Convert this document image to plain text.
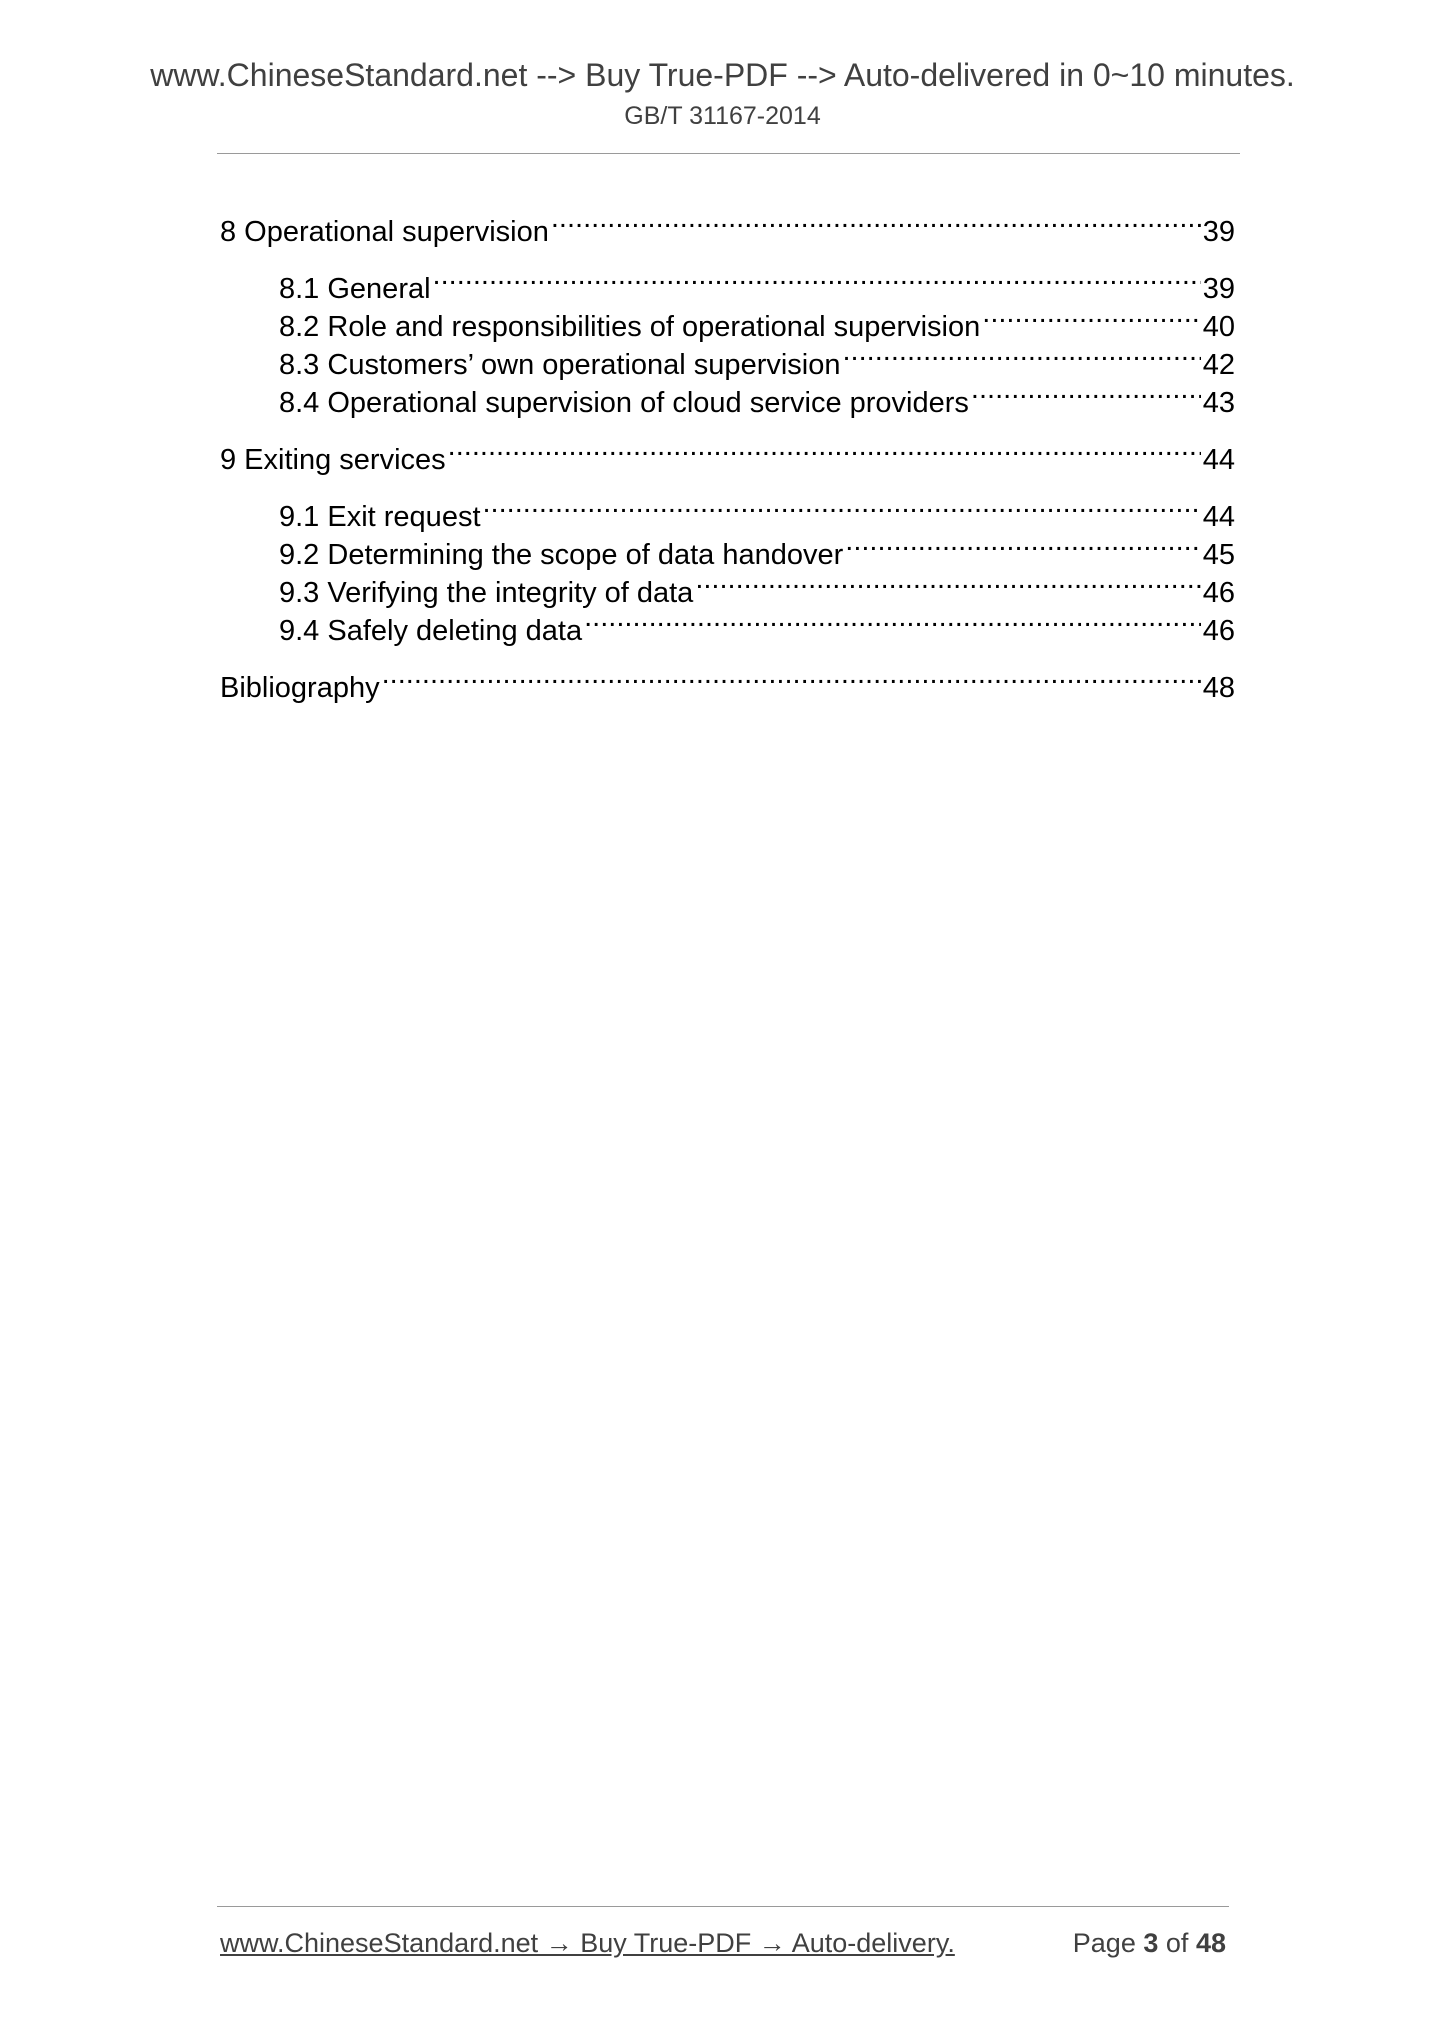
www.ChineseStandard.net --> Buy True-PDF --> Auto-delivered in 0~10 minutes.
GB/T 31167-2014
8 Operational supervision .....	39
8.1 General .....	39
8.2 Role and responsibilities of operational supervision .....	40
8.3 Customers’ own operational supervision .....	42
8.4 Operational supervision of cloud service providers .....	43
9 Exiting services .....	44
9.1 Exit request .....	44
9.2 Determining the scope of data handover .....	45
9.3 Verifying the integrity of data .....	46
9.4 Safely deleting data .....	46
Bibliography .....	48
www.ChineseStandard.net → Buy True-PDF → Auto-delivery.	Page 3 of 48
